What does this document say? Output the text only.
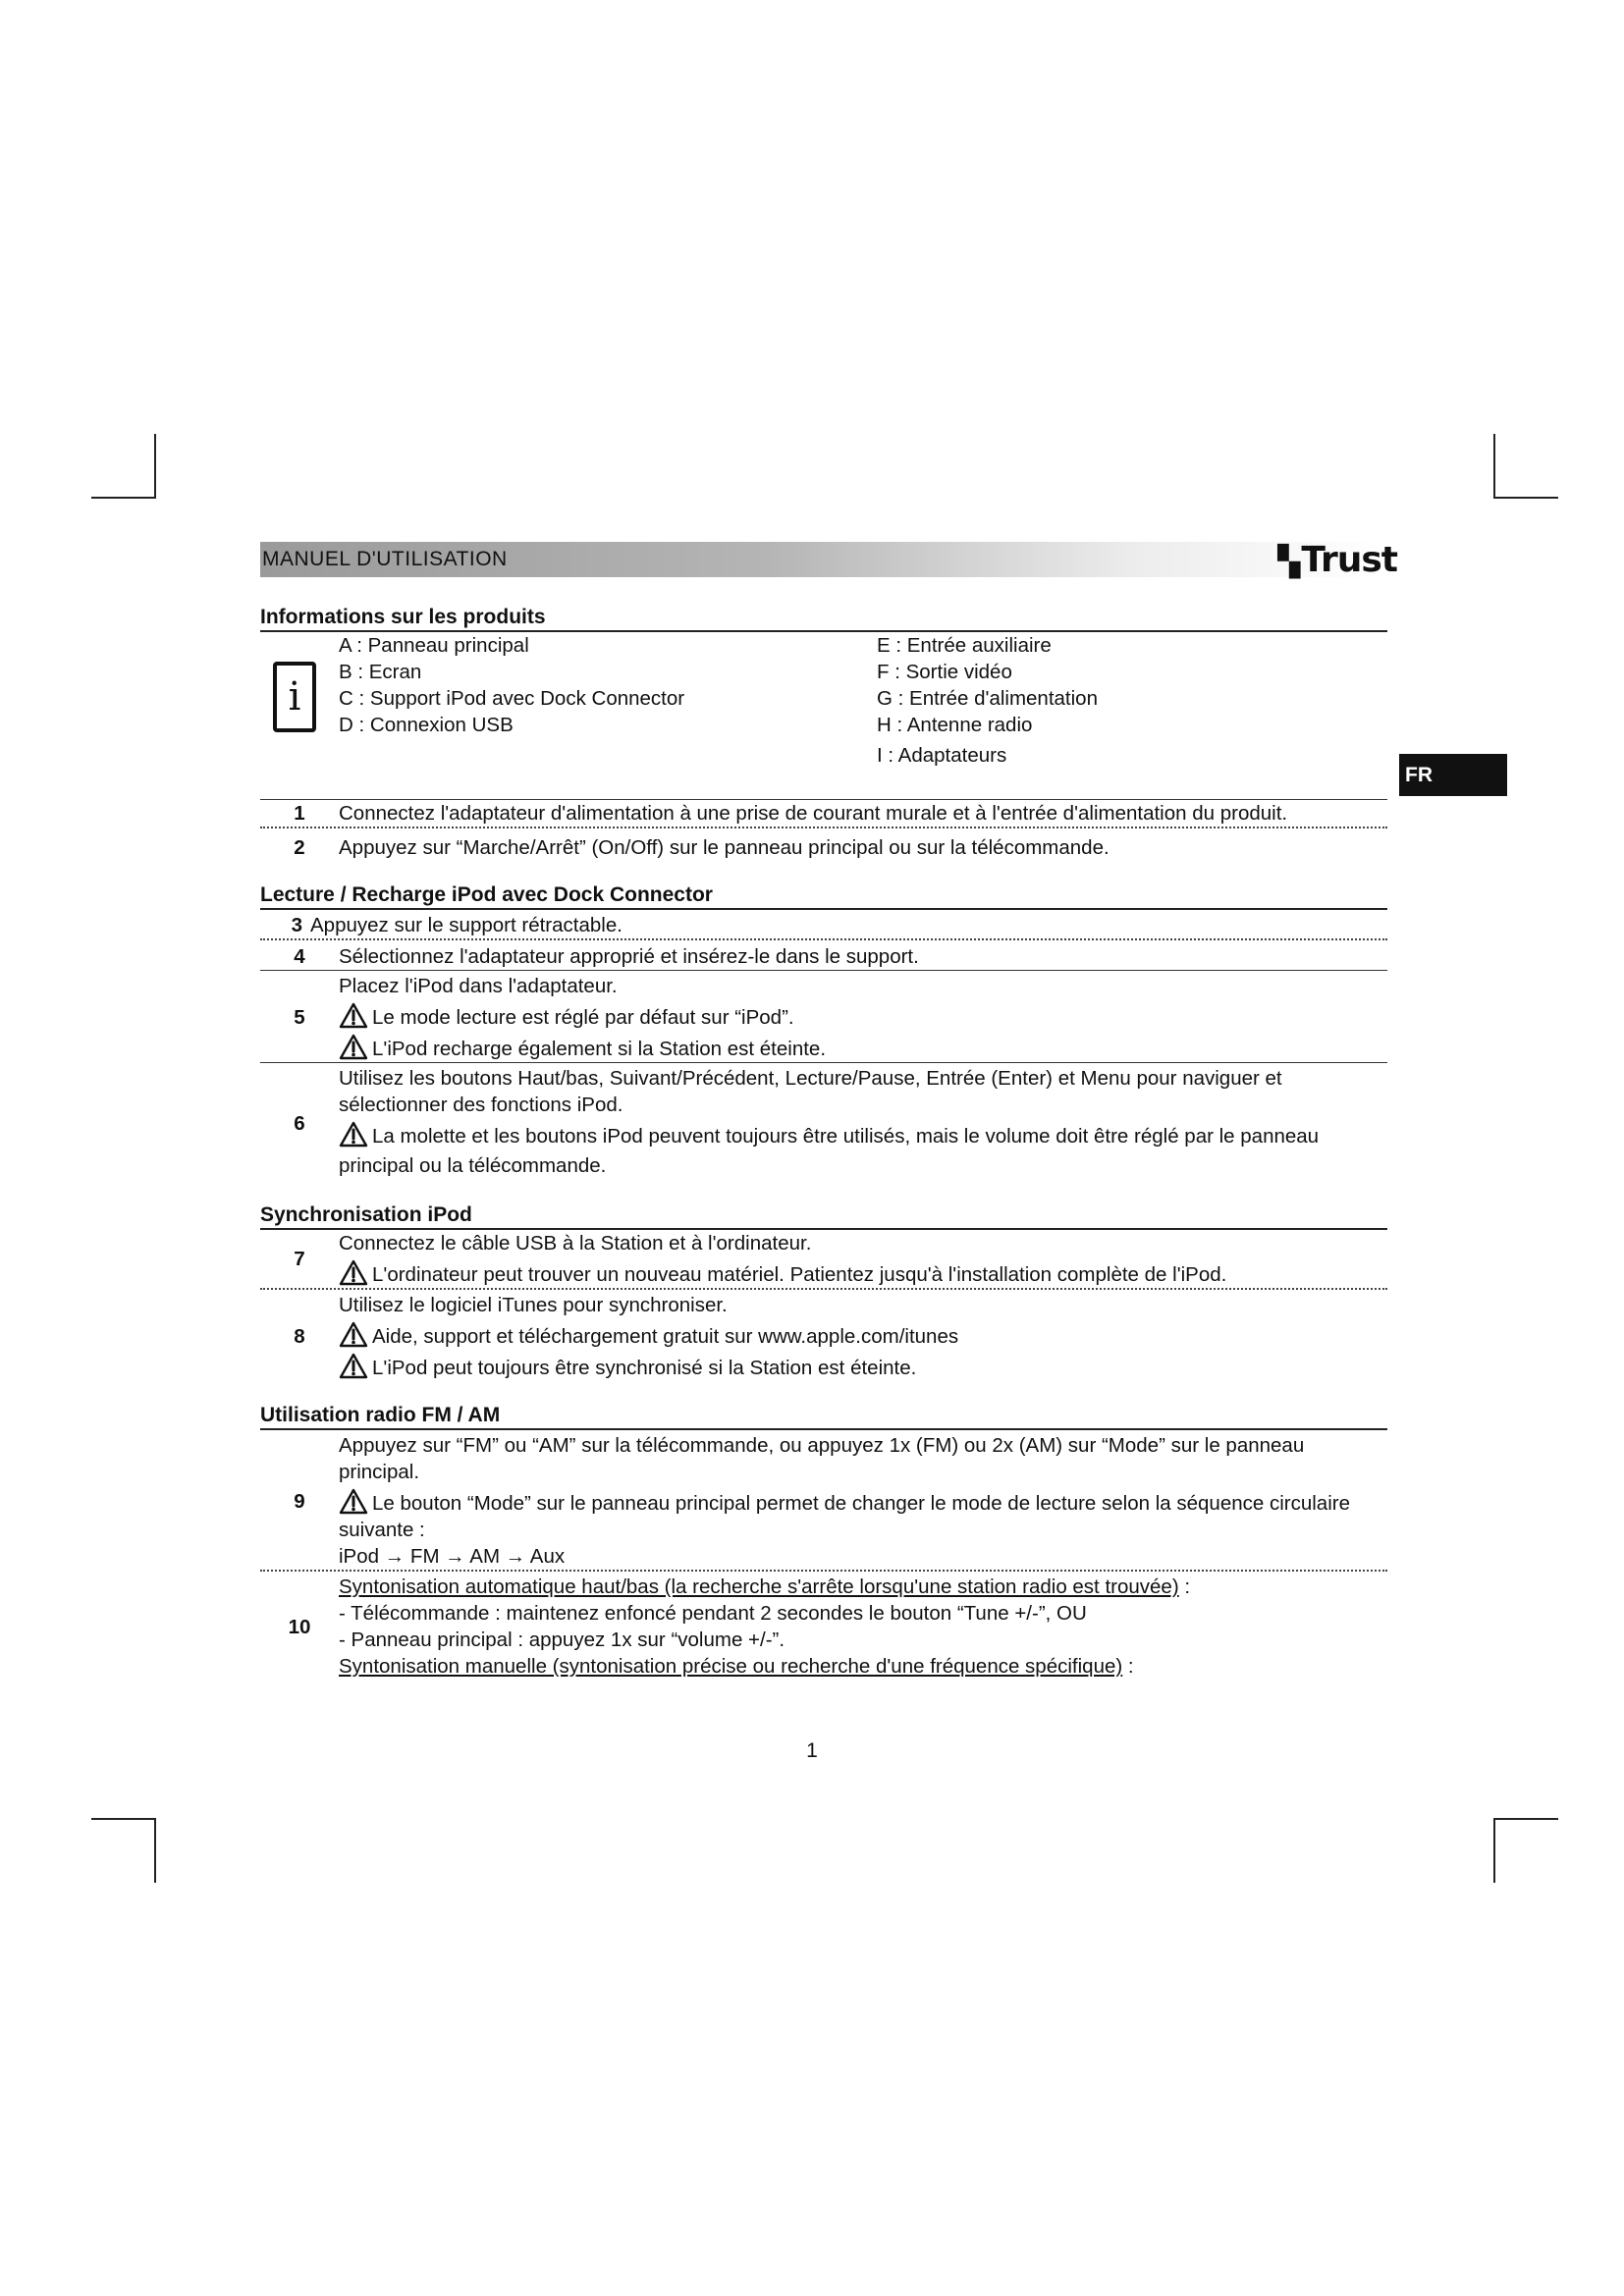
FR
MANUEL D'UTILISATION	▚Trust
Informations sur les produits
i
A : Panneau principal
B : Ecran
C : Support iPod avec Dock Connector
D : Connexion USB
E : Entrée auxiliaire
F : Sortie vidéo
G : Entrée d'alimentation
H : Antenne radio
I : Adaptateurs
1	Connectez l'adaptateur d'alimentation à une prise de courant murale et à l'entrée d'alimentation du produit.
2	Appuyez sur “Marche/Arrêt” (On/Off) sur le panneau principal ou sur la télécommande.
Lecture / Recharge iPod avec Dock Connector
3 Appuyez sur le support rétractable.
4	Sélectionnez l'adaptateur approprié et insérez-le dans le support.
5
Placez l'iPod dans l'adaptateur.
Le mode lecture est réglé par défaut sur “iPod”.
L'iPod recharge également si la Station est éteinte.
6
Utilisez les boutons Haut/bas, Suivant/Précédent, Lecture/Pause, Entrée (Enter) et Menu pour naviguer et sélectionner des fonctions iPod.
La molette et les boutons iPod peuvent toujours être utilisés, mais le volume doit être réglé par le panneau principal ou la télécommande.
Synchronisation iPod
7
Connectez le câble USB à la Station et à l'ordinateur.
L'ordinateur peut trouver un nouveau matériel. Patientez jusqu'à l'installation complète de l'iPod.
8
Utilisez le logiciel iTunes pour synchroniser.
Aide, support et téléchargement gratuit sur www.apple.com/itunes
L'iPod peut toujours être synchronisé si la Station est éteinte.
Utilisation radio FM / AM
9
Appuyez sur “FM” ou “AM” sur la télécommande, ou appuyez 1x (FM) ou 2x (AM) sur “Mode” sur le panneau principal.
Le bouton “Mode” sur le panneau principal permet de changer le mode de lecture selon la séquence circulaire suivante :
iPod → FM → AM → Aux
10
Syntonisation automatique haut/bas (la recherche s'arrête lorsqu'une station radio est trouvée) :
- Télécommande : maintenez enfoncé pendant 2 secondes le bouton “Tune +/-”, OU
- Panneau principal : appuyez 1x sur “volume +/-”.
Syntonisation manuelle (syntonisation précise ou recherche d'une fréquence spécifique) :
1
